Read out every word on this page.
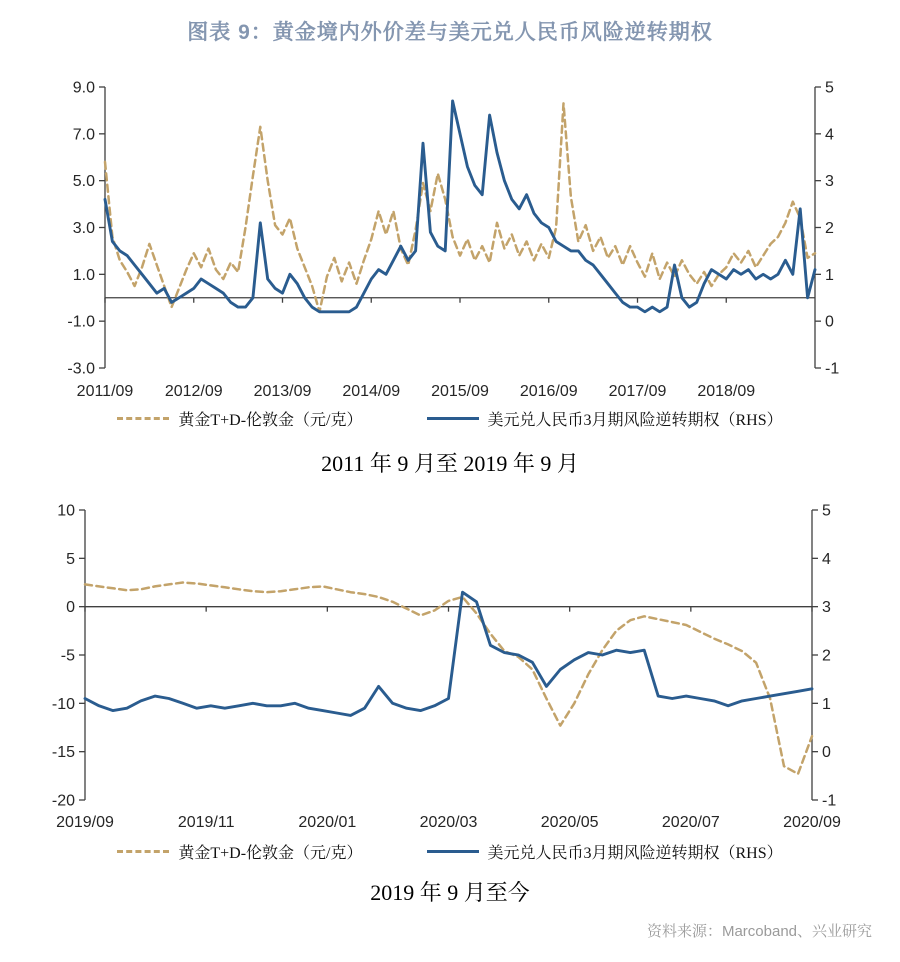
图表 9：黄金境内外价差与美元兑人民币风险逆转期权
9.0
7.0
5.0
3.0
1.0
-1.0
-3.0
5
4
3
2
1
0
-1
2011/09 2012/09 2013/09 2014/09 2015/09 2016/09 2017/09 2018/09
黄金T+D-伦敦金（元/克）	美元兑人民币3月期风险逆转期权（RHS）
2011 年 9 月至 2019 年 9 月
10
5
0
-5
-10
-15
-20
5
4
3
2
1
0
-1
2019/09	2019/11	2020/01	2020/03	2020/05	2020/07	2020/09
黄金T+D-伦敦金（元/克）	美元兑人民币3月期风险逆转期权（RHS）
2019 年 9 月至今
资料来源：Marcoband、兴业研究
